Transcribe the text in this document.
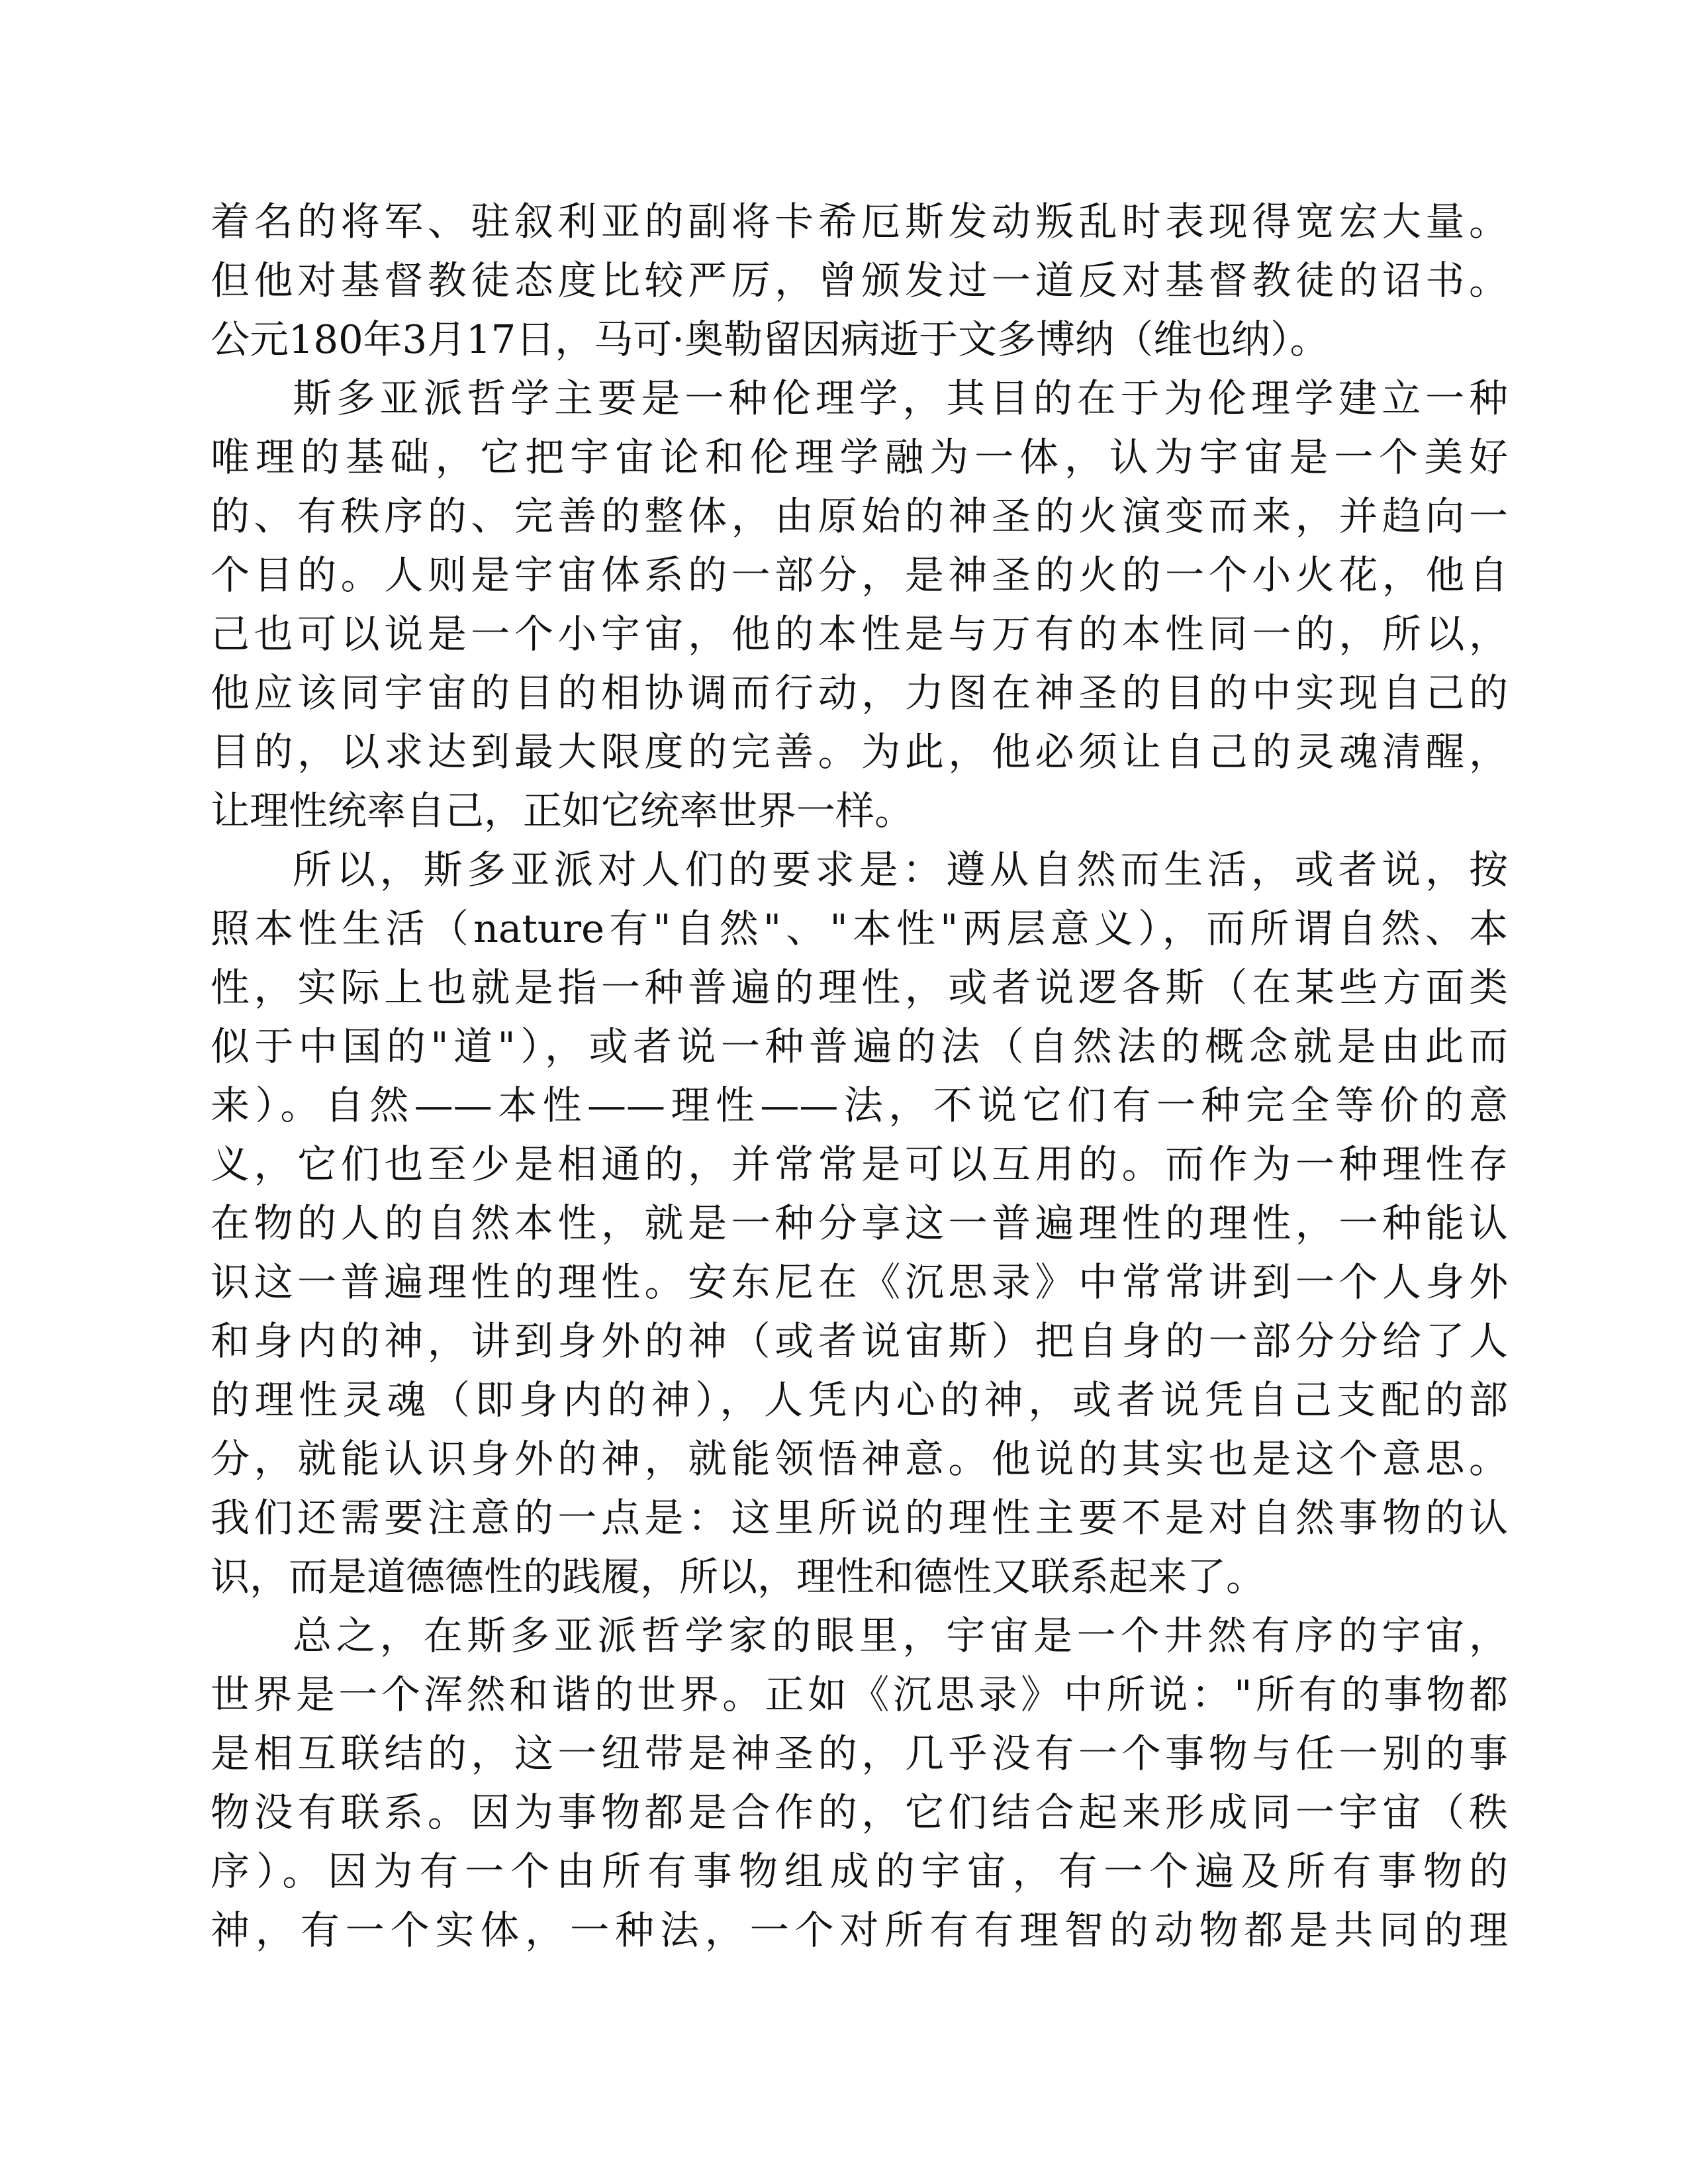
着名的将军、驻叙利亚的副将卡希厄斯发动叛乱时表现得宽宏大量。
但他对基督教徒态度比较严厉，曾颁发过一道反对基督教徒的诏书。
公元180年3月17日，马可·奥勒留因病逝于文多博纳（维也纳）。
斯多亚派哲学主要是一种伦理学，其目的在于为伦理学建立一种
唯理的基础，它把宇宙论和伦理学融为一体，认为宇宙是一个美好
的、有秩序的、完善的整体，由原始的神圣的火演变而来，并趋向一
个目的。人则是宇宙体系的一部分，是神圣的火的一个小火花，他自
己也可以说是一个小宇宙，他的本性是与万有的本性同一的，所以，
他应该同宇宙的目的相协调而行动，力图在神圣的目的中实现自己的
目的，以求达到最大限度的完善。为此，他必须让自己的灵魂清醒，
让理性统率自己，正如它统率世界一样。
所以，斯多亚派对人们的要求是：遵从自然而生活，或者说，按
照本性生活（nature有"自然"、"本性"两层意义），而所谓自然、本
性，实际上也就是指一种普遍的理性，或者说逻各斯（在某些方面类
似于中国的"道"），或者说一种普遍的法（自然法的概念就是由此而
来）。自然——本性——理性——法，不说它们有一种完全等价的意
义，它们也至少是相通的，并常常是可以互用的。而作为一种理性存
在物的人的自然本性，就是一种分享这一普遍理性的理性，一种能认
识这一普遍理性的理性。安东尼在《沉思录》中常常讲到一个人身外
和身内的神，讲到身外的神（或者说宙斯）把自身的一部分分给了人
的理性灵魂（即身内的神），人凭内心的神，或者说凭自己支配的部
分，就能认识身外的神，就能领悟神意。他说的其实也是这个意思。
我们还需要注意的一点是：这里所说的理性主要不是对自然事物的认
识，而是道德德性的践履，所以，理性和德性又联系起来了。
总之，在斯多亚派哲学家的眼里，宇宙是一个井然有序的宇宙，
世界是一个浑然和谐的世界。正如《沉思录》中所说："所有的事物都
是相互联结的，这一纽带是神圣的，几乎没有一个事物与任一别的事
物没有联系。因为事物都是合作的，它们结合起来形成同一宇宙（秩
序）。因为有一个由所有事物组成的宇宙，有一个遍及所有事物的
神，有一个实体，一种法，一个对所有有理智的动物都是共同的理
